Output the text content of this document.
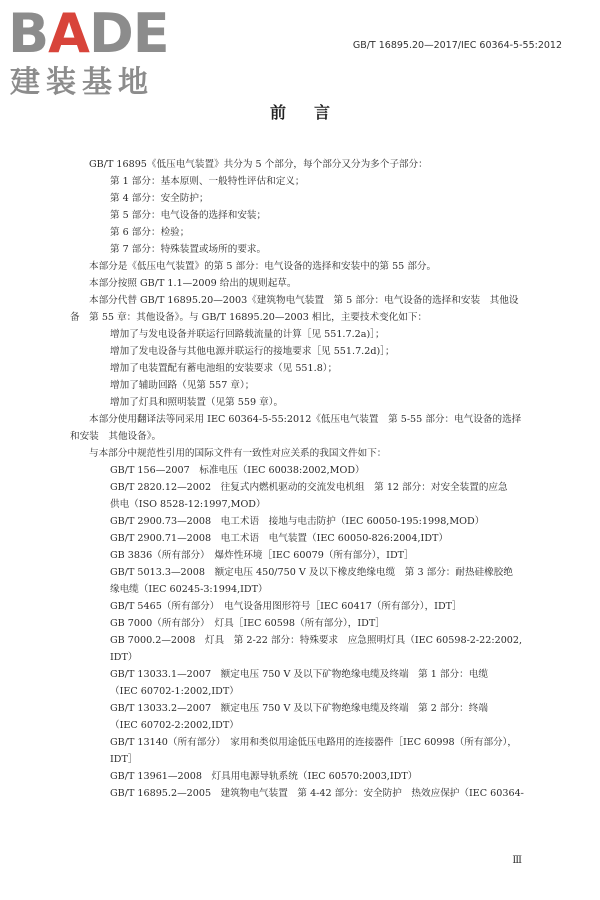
BADE
建装基地
GB/T 16895.20—2017/IEC 60364-5-55:2012
前言
GB/T 16895《低压电气装置》共分为 5 个部分，每个部分又分为多个子部分：
第 1 部分：基本原则、一般特性评估和定义；
第 4 部分：安全防护；
第 5 部分：电气设备的选择和安装；
第 6 部分：检验；
第 7 部分：特殊装置或场所的要求。
本部分是《低压电气装置》的第 5 部分：电气设备的选择和安装中的第 55 部分。
本部分按照 GB/T 1.1—2009 给出的规则起草。
本部分代替 GB/T 16895.20—2003《建筑物电气装置　第 5 部分：电气设备的选择和安装　其他设
备　第 55 章：其他设备》。与 GB/T 16895.20—2003 相比，主要技术变化如下：
增加了与发电设备并联运行回路载流量的计算［见 551.7.2a)］；
增加了发电设备与其他电源并联运行的接地要求［见 551.7.2d)］；
增加了电装置配有蓄电池组的安装要求（见 551.8）；
增加了辅助回路（见第 557 章）；
增加了灯具和照明装置（见第 559 章）。
本部分使用翻译法等同采用 IEC 60364-5-55:2012《低压电气装置　第 5-55 部分：电气设备的选择
和安装　其他设备》。
与本部分中规范性引用的国际文件有一致性对应关系的我国文件如下：
GB/T 156—2007　标准电压（IEC 60038:2002,MOD）
GB/T 2820.12—2002　往复式内燃机驱动的交流发电机组　第 12 部分：对安全装置的应急
供电（ISO 8528-12:1997,MOD）
GB/T 2900.73—2008　电工术语　接地与电击防护（IEC 60050-195:1998,MOD）
GB/T 2900.71—2008　电工术语　电气装置（IEC 60050-826:2004,IDT）
GB 3836（所有部分）　爆炸性环境［IEC 60079（所有部分），IDT］
GB/T 5013.3—2008　额定电压 450/750 V 及以下橡皮绝缘电缆　第 3 部分：耐热硅橡胶绝
缘电缆（IEC 60245-3:1994,IDT）
GB/T 5465（所有部分）　电气设备用图形符号［IEC 60417（所有部分），IDT］
GB 7000（所有部分）　灯具［IEC 60598（所有部分），IDT］
GB 7000.2—2008　灯具　第 2-22 部分：特殊要求　应急照明灯具（IEC 60598-2-22:2002,
IDT）
GB/T 13033.1—2007　额定电压 750 V 及以下矿物绝缘电缆及终端　第 1 部分：电缆
（IEC 60702-1:2002,IDT）
GB/T 13033.2—2007　额定电压 750 V 及以下矿物绝缘电缆及终端　第 2 部分：终端
（IEC 60702-2:2002,IDT）
GB/T 13140（所有部分）　家用和类似用途低压电路用的连接器件［IEC 60998（所有部分），
IDT］
GB/T 13961—2008　灯具用电源导轨系统（IEC 60570:2003,IDT）
GB/T 16895.2—2005　建筑物电气装置　第 4-42 部分：安全防护　热效应保护（IEC 60364-
Ⅲ
